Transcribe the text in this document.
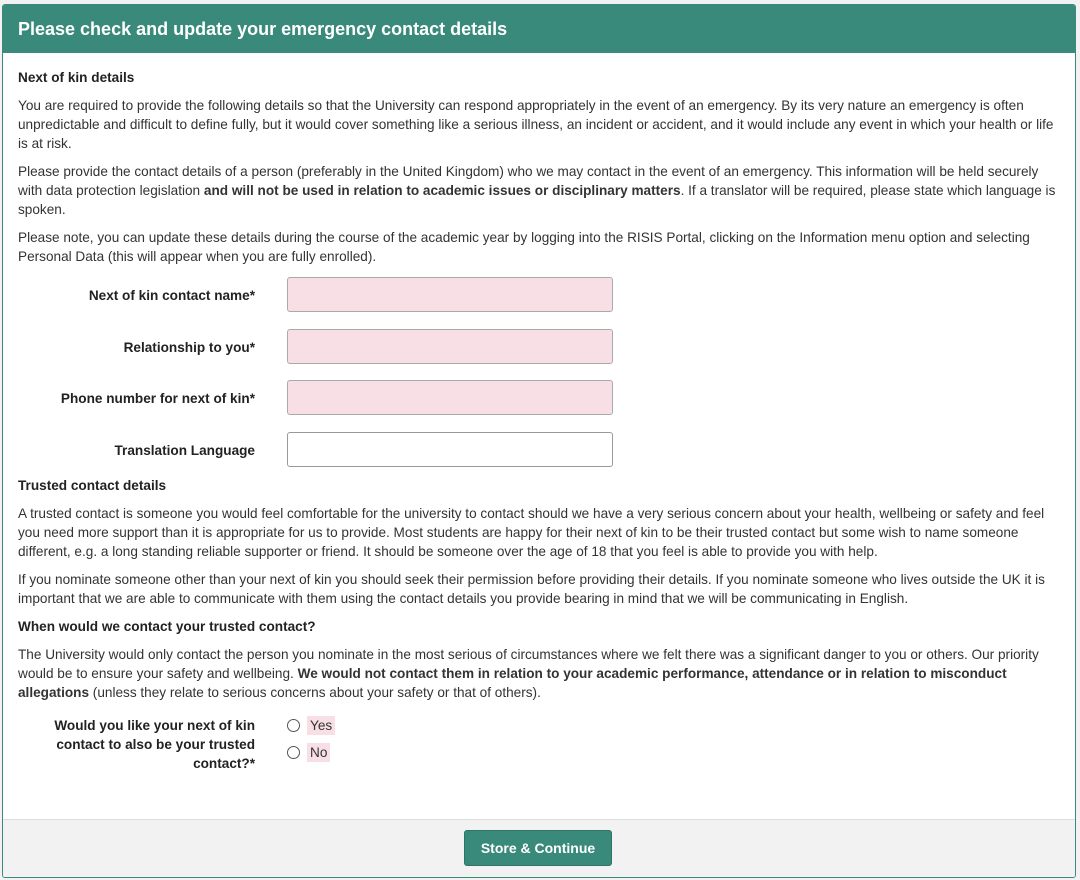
Please check and update your emergency contact details
Next of kin details

You are required to provide the following details so that the University can respond appropriately in the event of an emergency. By its very nature an emergency is often unpredictable and difficult to define fully, but it would cover something like a serious illness, an incident or accident, and it would include any event in which your health or life is at risk.

Please provide the contact details of a person (preferably in the United Kingdom) who we may contact in the event of an emergency. This information will be held securely with data protection legislation and will not be used in relation to academic issues or disciplinary matters. If a translator will be required, please state which language is spoken.

Please note, you can update these details during the course of the academic year by logging into the RISIS Portal, clicking on the Information menu option and selecting Personal Data (this will appear when you are fully enrolled).

Next of kin contact name*
Relationship to you*
Phone number for next of kin*
Translation Language
Trusted contact details

A trusted contact is someone you would feel comfortable for the university to contact should we have a very serious concern about your health, wellbeing or safety and feel you need more support than it is appropriate for us to provide. Most students are happy for their next of kin to be their trusted contact but some wish to name someone different, e.g. a long standing reliable supporter or friend. It should be someone over the age of 18 that you feel is able to provide you with help.

If you nominate someone other than your next of kin you should seek their permission before providing their details. If you nominate someone who lives outside the UK it is important that we are able to communicate with them using the contact details you provide bearing in mind that we will be communicating in English.

When would we contact your trusted contact?

The University would only contact the person you nominate in the most serious of circumstances where we felt there was a significant danger to you or others. Our priority would be to ensure your safety and wellbeing. We would not contact them in relation to your academic performance, attendance or in relation to misconduct allegations (unless they relate to serious concerns about your safety or that of others).

Would you like your next of kin
contact to also be your trusted
contact?*
Yes
No
Store & Continue
